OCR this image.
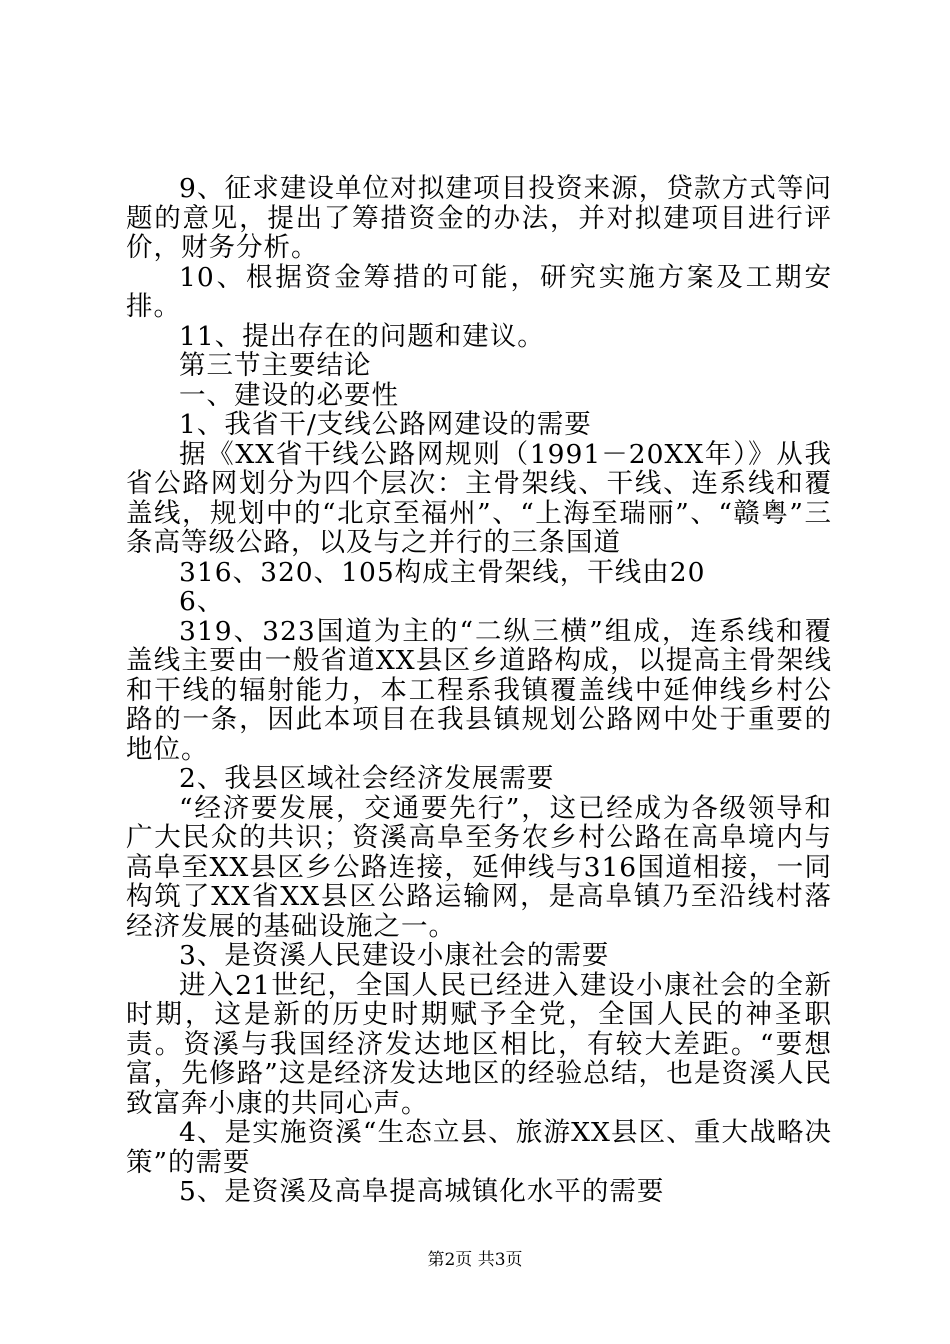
9、征求建设单位对拟建项目投资来源，贷款方式等问题的意见，提出了筹措资金的办法，并对拟建项目进行评价，财务分析。

10、根据资金筹措的可能，研究实施方案及工期安排。

11、提出存在的问题和建议。

第三节主要结论

一、建设的必要性

1、我省干/支线公路网建设的需要

据《XX省干线公路网规则（1991－20XX年）》从我省公路网划分为四个层次：主骨架线、干线、连系线和覆盖线，规划中的“北京至福州”、“上海至瑞丽”、“赣粤”三条高等级公路，以及与之并行的三条国道

316、320、105构成主骨架线，干线由20

6、

319、323国道为主的“二纵三横”组成，连系线和覆盖线主要由一般省道XX县区乡道路构成，以提高主骨架线和干线的辐射能力，本工程系我镇覆盖线中延伸线乡村公路的一条，因此本项目在我县镇规划公路网中处于重要的地位。

2、我县区域社会经济发展需要

“经济要发展，交通要先行”，这已经成为各级领导和广大民众的共识；资溪高阜至务农乡村公路在高阜境内与高阜至XX县区乡公路连接，延伸线与316国道相接，一同构筑了XX省XX县区公路运输网，是高阜镇乃至沿线村落经济发展的基础设施之一。

3、是资溪人民建设小康社会的需要

进入21世纪，全国人民已经进入建设小康社会的全新时期，这是新的历史时期赋予全党，全国人民的神圣职责。资溪与我国经济发达地区相比，有较大差距。“要想富，先修路”这是经济发达地区的经验总结，也是资溪人民致富奔小康的共同心声。

4、是实施资溪“生态立县、旅游XX县区、重大战略决策”的需要

5、是资溪及高阜提高城镇化水平的需要

第2页 共3页
